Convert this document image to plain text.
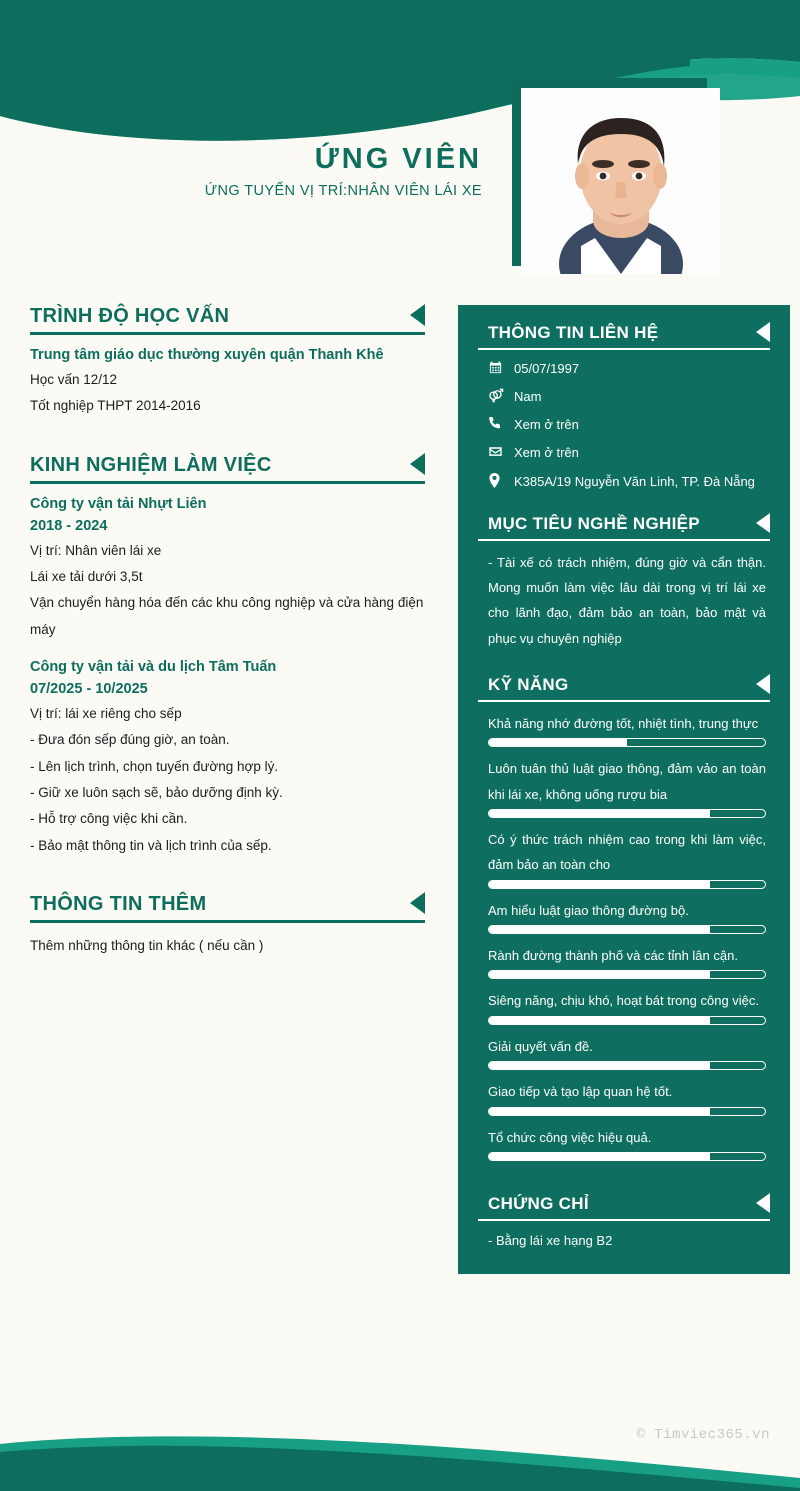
ỨNG VIÊN
ỨNG TUYỂN VỊ TRÍ:NHÂN VIÊN LÁI XE
TRÌNH ĐỘ HỌC VẤN
Trung tâm giáo dục thường xuyên quận Thanh Khê
Học vấn 12/12
Tốt nghiệp THPT 2014-2016
KINH NGHIỆM LÀM VIỆC
Công ty vận tải Nhựt Liên
2018 - 2024
Vị trí: Nhân viên lái xe
Lái xe tải dưới 3,5t
Vận chuyển hàng hóa đến các khu công nghiệp và cửa hàng điện máy
Công ty vận tải và du lịch Tâm Tuấn
07/2025 - 10/2025
Vị trí: lái xe riêng cho sếp
- Đưa đón sếp đúng giờ, an toàn.
- Lên lịch trình, chọn tuyến đường hợp lý.
- Giữ xe luôn sạch sẽ, bảo dưỡng định kỳ.
- Hỗ trợ công việc khi cần.
- Bảo mật thông tin và lịch trình của sếp.
THÔNG TIN THÊM
Thêm những thông tin khác ( nếu cần )
THÔNG TIN LIÊN HỆ
05/07/1997
Nam
Xem ở trên
Xem ở trên
K385A/19 Nguyễn Văn Linh, TP. Đà Nẵng
MỤC TIÊU NGHỀ NGHIỆP
- Tài xế có trách nhiệm, đúng giờ và cẩn thận. Mong muốn làm việc lâu dài trong vị trí lái xe cho lãnh đạo, đảm bảo an toàn, bảo mật và phục vụ chuyên nghiệp
KỸ NĂNG
Khả năng nhớ đường tốt, nhiệt tình, trung thực
Luôn tuân thủ luật giao thông, đảm vảo an toàn khi lái xe, không uống rượu bia
Có ý thức trách nhiệm cao trong khi làm việc, đảm bảo an toàn cho
Am hiểu luật giao thông đường bộ.
Rành đường thành phố và các tỉnh lân cận.
Siêng năng, chịu khó, hoạt bát trong công việc.
Giải quyết vấn đề.
Giao tiếp và tạo lập quan hệ tốt.
Tổ chức công việc hiệu quả.
CHỨNG CHỈ
- Bằng lái xe hạng B2
© Timviec365.vn
